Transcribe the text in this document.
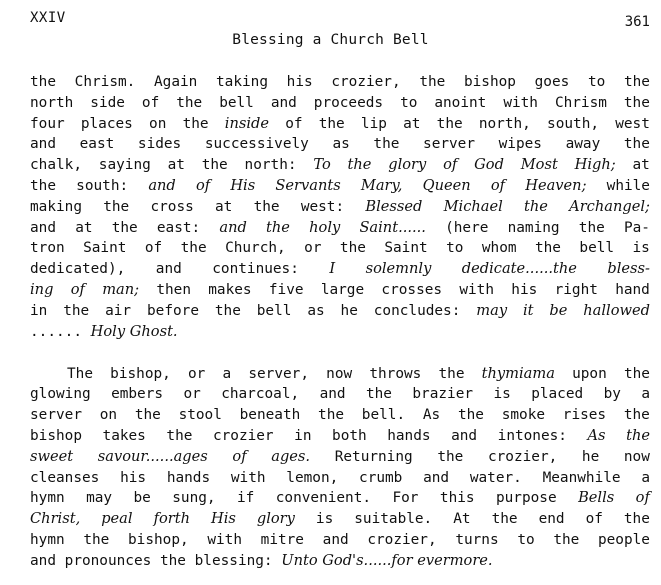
XXIV	361
Blessing a Church Bell
the Chrism. Again taking his crozier, the bishop goes to the
north side of the bell and proceeds to anoint with Chrism the
four places on the inside of the lip at the north, south, west
and east sides successively as the server wipes away the
chalk, saying at the north: To the glory of God Most High; at
the south: and of His Servants Mary, Queen of Heaven; while
making the cross at the west: Blessed Michael the Archangel;
and at the east: and the holy Saint...... (here naming the Pa-
tron Saint of the Church, or the Saint to whom the bell is
dedicated), and continues: I solemnly dedicate......the bless-
ing of man; then makes five large crosses with his right hand
in the air before the bell as he concludes: may it be hallowed
...... Holy Ghost.
The bishop, or a server, now throws the thymiama upon the
glowing embers or charcoal, and the brazier is placed by a
server on the stool beneath the bell. As the smoke rises the
bishop takes the crozier in both hands and intones: As the
sweet savour......ages of ages. Returning the crozier, he now
cleanses his hands with lemon, crumb and water. Meanwhile a
hymn may be sung, if convenient. For this purpose Bells of
Christ, peal forth His glory is suitable. At the end of the
hymn the bishop, with mitre and crozier, turns to the people
and pronounces the blessing: Unto God's......for evermore.
